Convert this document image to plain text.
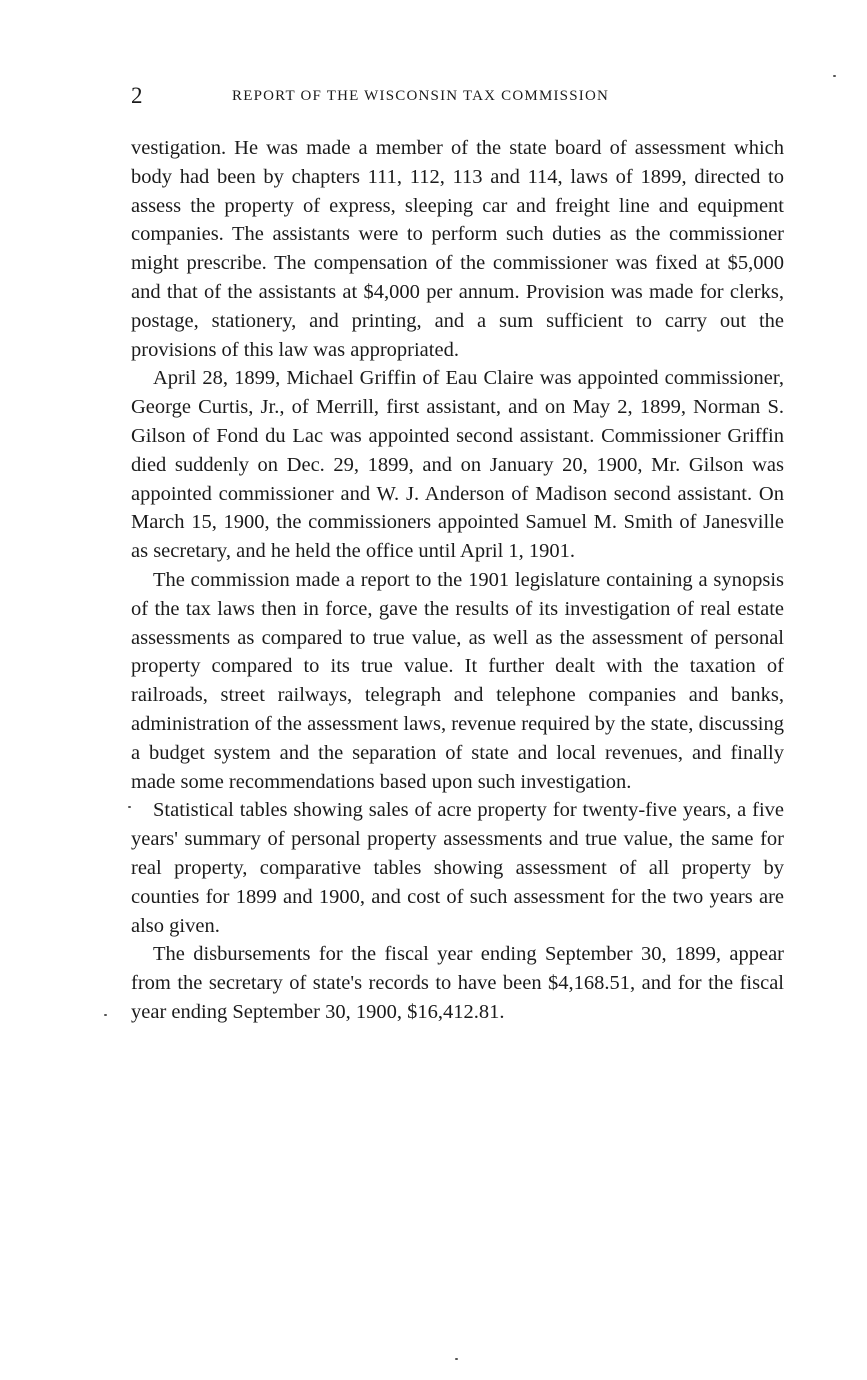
2	REPORT OF THE WISCONSIN TAX COMMISSION

vestigation. He was made a member of the state board of assessment which body had been by chapters 111, 112, 113 and 114, laws of 1899, directed to assess the property of express, sleeping car and freight line and equipment companies. The assistants were to perform such duties as the commissioner might prescribe. The compensation of the commissioner was fixed at $5,000 and that of the assistants at $4,000 per annum. Provision was made for clerks, postage, stationery, and printing, and a sum sufficient to carry out the provisions of this law was appropriated.

April 28, 1899, Michael Griffin of Eau Claire was appointed commissioner, George Curtis, Jr., of Merrill, first assistant, and on May 2, 1899, Norman S. Gilson of Fond du Lac was appointed second assistant. Commissioner Griffin died suddenly on Dec. 29, 1899, and on January 20, 1900, Mr. Gilson was appointed commissioner and W. J. Anderson of Madison second assistant. On March 15, 1900, the commissioners appointed Samuel M. Smith of Janesville as secretary, and he held the office until April 1, 1901.

The commission made a report to the 1901 legislature containing a synopsis of the tax laws then in force, gave the results of its investigation of real estate assessments as compared to true value, as well as the assessment of personal property compared to its true value. It further dealt with the taxation of railroads, street railways, telegraph and telephone companies and banks, administration of the assessment laws, revenue required by the state, discussing a budget system and the separation of state and local revenues, and finally made some recommendations based upon such investigation.

Statistical tables showing sales of acre property for twenty-five years, a five years' summary of personal property assessments and true value, the same for real property, comparative tables showing assessment of all property by counties for 1899 and 1900, and cost of such assessment for the two years are also given.

The disbursements for the fiscal year ending September 30, 1899, appear from the secretary of state's records to have been $4,168.51, and for the fiscal year ending September 30, 1900, $16,412.81.
